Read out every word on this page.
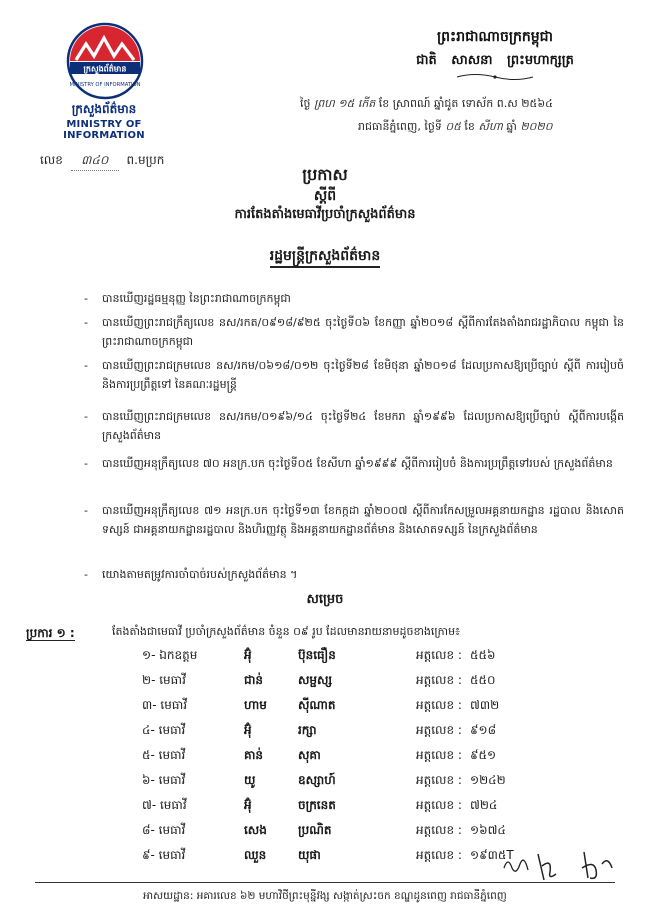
ក្រសួងព័ត៌មាន
MINISTRY OF INFORMATION
ក្រសួងព័ត៌មាន
MINISTRY OF INFORMATION
លេខ ៣៤០ ព.មប្រក
ព្រះរាជាណាចក្រកម្ពុជា
ជាតិ សាសនា ព្រះមហាក្សត្រ
ថ្ងៃ ព្រហ ១៥ កើត ខែ ស្រាពណ៍ ឆ្នាំជូត ទោស័ក ព.ស ២៥៦៤
រាជធានីភ្នំពេញ, ថ្ងៃទី ០៥ ខែ សីហា ឆ្នាំ ២០២០
ប្រកាស
ស្ដីពី
ការតែងតាំងមេធាវីប្រចាំក្រសួងព័ត៌មាន
រដ្ឋមន្ត្រីក្រសួងព័ត៌មាន
-	បានឃើញរដ្ឋធម្មនុញ្ញ នៃព្រះរាជាណាចក្រកម្ពុជា
-	បានឃើញព្រះរាជក្រឹត្យលេខ នស/រកត/០៩១៨/៩២៥ ចុះថ្ងៃទី០៦ ខែកញ្ញា ឆ្នាំ២០១៨ ស្ដីពីការតែងតាំងរាជរដ្ឋាភិបាល កម្ពុជា នៃព្រះរាជាណាចក្រកម្ពុជា
-	បានឃើញព្រះរាជក្រមលេខ នស/រកម/០៦១៨/០១២ ចុះថ្ងៃទី២៨ ខែមិថុនា ឆ្នាំ២០១៨ ដែលប្រកាសឱ្យប្រើច្បាប់ ស្ដីពី ការរៀបចំ និងការប្រព្រឹត្តទៅ នៃគណៈរដ្ឋមន្ត្រី
-	បានឃើញព្រះរាជក្រមលេខ នស/រកម/០១៩៦/១៤ ចុះថ្ងៃទី២៤ ខែមករា ឆ្នាំ១៩៩៦ ដែលប្រកាសឱ្យប្រើច្បាប់ ស្ដីពីការបង្កើតក្រសួងព័ត៌មាន
-	បានឃើញអនុក្រឹត្យលេខ ៧០ អនក្រ.បក ចុះថ្ងៃទី០៥ ខែសីហា ឆ្នាំ១៩៩៩ ស្ដីពីការរៀបចំ និងការប្រព្រឹត្តទៅរបស់ ក្រសួងព័ត៌មាន
-	បានឃើញអនុក្រឹត្យលេខ ៧១ អនក្រ.បក ចុះថ្ងៃទី១៣ ខែកក្កដា ឆ្នាំ២០០៧ ស្ដីពីការកែសម្រួលអគ្គនាយកដ្ឋាន រដ្ឋបាល និងសោតទស្សន៍ ជាអគ្គនាយកដ្ឋានរដ្ឋបាល និងហិរញ្ញវត្ថុ និងអគ្គនាយកដ្ឋានព័ត៌មាន និងសោតទស្សន៍ នៃក្រសួងព័ត៌មាន
-	យោងតាមតម្រូវការចាំបាច់របស់ក្រសួងព័ត៌មាន ។
សម្រេច
ប្រការ ១ :	តែងតាំងជាមេធាវី ប្រចាំក្រសួងព័ត៌មាន ចំនួន ០៩ រូប ដែលមានរាយនាមដូចខាងក្រោម៖
១- ឯកឧត្តម	អ៊ុំ	ប៊ុនធឿន	អត្តលេខ : ៥៥៦
២- មេធាវី	ជាន់	សម្ផស្ស	អត្តលេខ : ៥៥០
៣- មេធាវី	ហាម	ស៊ីណាត	អត្តលេខ : ៧៣២
៤- មេធាវី	អ៊ុំ	រក្សា	អត្តលេខ : ៩១៨
៥- មេធាវី	គាន់	សុគា	អត្តលេខ : ៩៥១
៦- មេធាវី	យូ	ឧស្សាហ៍	អត្តលេខ : ១២៤២
៧- មេធាវី	អ៊ុំ	ចក្រនេត	អត្តលេខ : ៧២៤
៨- មេធាវី	សេង	ប្រណិត	អត្តលេខ : ១៦៧៤
៩- មេធាវី	ឈួន	យុផា	អត្តលេខ : ១៩៣៥T
អាសយដ្ឋាន: អគារលេខ ៦២ មហាវិថីព្រះមុន្នីវង្ស សង្កាត់ស្រះចក ខណ្ឌដូនពេញ រាជធានីភ្នំពេញ
